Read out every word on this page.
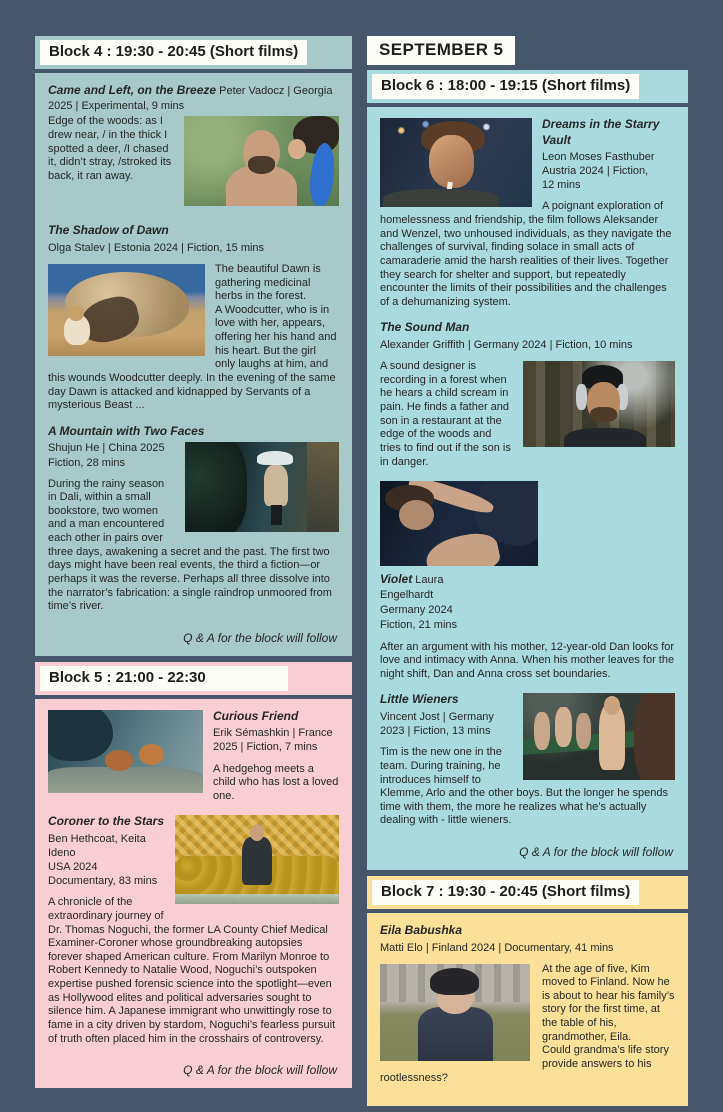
Block 4 : 19:30 - 20:45 (Short films)

Came and Left, on the Breeze Peter Vadocz | Georgia 2025 | Experimental, 9 mins

Edge of the woods: as I drew near, / in the thick I spotted a deer, /I chased it, didn’t stray, /stroked its back, it ran away.

The Shadow of Dawn

Olga Stalev | Estonia 2024 | Fiction, 15 mins

The beautiful Dawn is gathering medicinal herbs in the forest.

A Woodcutter, who is in love with her, appears, offering her his hand and his heart. But the girl only laughs at him, and this wounds Woodcutter deeply. In the evening of the same day Dawn is attacked and kidnapped by Servants of a mysterious Beast ...

A Mountain with Two Faces

Shujun He | China 2025
Fiction, 28 mins

During the rainy season in Dali, within a small bookstore, two women and a man encountered each other in pairs over three days, awakening a secret and the past. The first two days might have been real events, the third a fiction—or perhaps it was the reverse. Perhaps all three dissolve into the narrator’s fabrication: a single raindrop unmoored from time’s river.

Q & A for the block will follow

Block 5 : 21:00 - 22:30

Curious Friend

Erik Sémashkin | France
2025 | Fiction, 7 mins

A hedgehog meets a child who has lost a loved one.

Coroner to the Stars

Ben Hethcoat, Keita Ideno
USA 2024
Documentary, 83 mins

A chronicle of the extraordinary journey of Dr. Thomas Noguchi, the former LA County Chief Medical Examiner-Coroner whose groundbreaking autopsies forever shaped American culture. From Marilyn Monroe to Robert Kennedy to Natalie Wood, Noguchi’s outspoken expertise pushed forensic science into the spotlight—even as Hollywood elites and political adversaries sought to silence him. A Japanese immigrant who unwittingly rose to fame in a city driven by stardom, Noguchi’s fearless pursuit of truth often placed him in the crosshairs of controversy.

Q & A for the block will follow

SEPTEMBER 5
Block 6 : 18:00 - 19:15 (Short films)

Dreams in the Starry Vault

Leon Moses Fasthuber
Austria 2024 | Fiction,
12 mins

A poignant exploration of homelessness and friendship, the film follows Aleksander and Wenzel, two unhoused individuals, as they navigate the challenges of survival, finding solace in small acts of camaraderie amid the harsh realities of their lives. Together they search for shelter and support, but repeatedly encounter the limits of their possibilities and the challenges of a dehumanizing system.

The Sound Man

Alexander Griffith | Germany 2024 | Fiction, 10 mins

A sound designer is recording in a forest when he hears a child scream in pain. He finds a father and son in a restaurant at the edge of the woods and tries to find out if the son is in danger.

Violet Laura Engelhardt

Germany 2024
Fiction, 21 mins

After an argument with his mother, 12-year-old Dan looks for love and intimacy with Anna. When his mother leaves for the night shift, Dan and Anna cross set boundaries.

Little Wieners

Vincent Jost | Germany
2023 | Fiction, 13 mins

Tim is the new one in the team. During training, he introduces himself to Klemme, Arlo and the other boys. But the longer he spends time with them, the more he realizes what he’s actually dealing with - little wieners.

Q & A for the block will follow

Block 7 : 19:30 - 20:45 (Short films)

Eila Babushka

Matti Elo | Finland 2024 | Documentary, 41 mins

At the age of five, Kim moved to Finland. Now he is about to hear his family’s story for the first time, at the table of his, grandmother, Eila.

Could grandma’s life story provide answers to his rootlessness?
